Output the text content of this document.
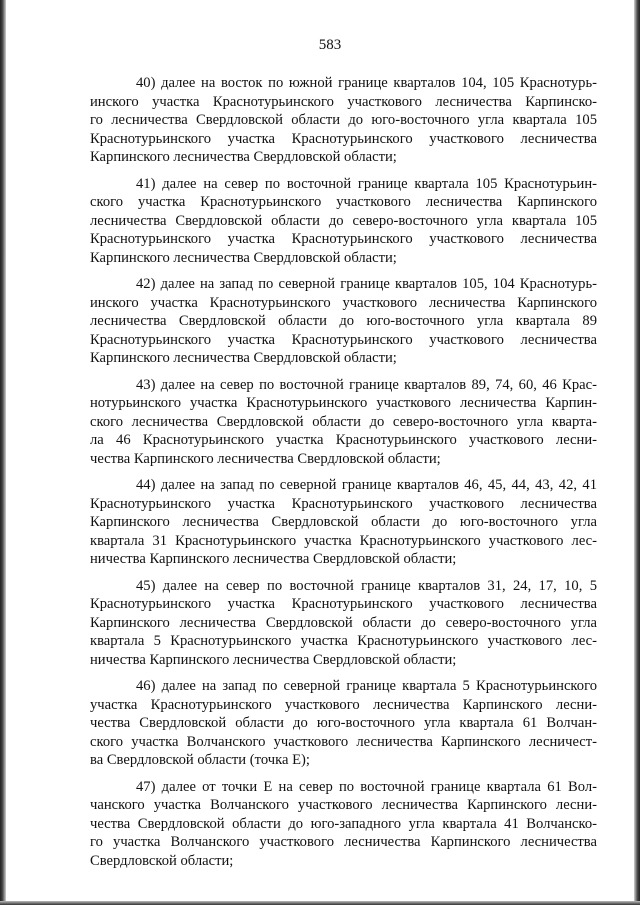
583
40) далее на восток по южной границе кварталов 104, 105 Краснотурь-
инского участка Краснотурьинского участкового лесничества Карпинско-
го лесничества Свердловской области до юго-восточного угла квартала 105
Краснотурьинского участка Краснотурьинского участкового лесничества
Карпинского лесничества Свердловской области;
41) далее на север по восточной границе квартала 105 Краснотурьин-
ского участка Краснотурьинского участкового лесничества Карпинского
лесничества Свердловской области до северо-восточного угла квартала 105
Краснотурьинского участка Краснотурьинского участкового лесничества
Карпинского лесничества Свердловской области;
42) далее на запад по северной границе кварталов 105, 104 Краснотурь-
инского участка Краснотурьинского участкового лесничества Карпинского
лесничества Свердловской области до юго-восточного угла квартала 89
Краснотурьинского участка Краснотурьинского участкового лесничества
Карпинского лесничества Свердловской области;
43) далее на север по восточной границе кварталов 89, 74, 60, 46 Крас-
нотурьинского участка Краснотурьинского участкового лесничества Карпин-
ского лесничества Свердловской области до северо-восточного угла кварта-
ла 46 Краснотурьинского участка Краснотурьинского участкового лесни-
чества Карпинского лесничества Свердловской области;
44) далее на запад по северной границе кварталов 46, 45, 44, 43, 42, 41
Краснотурьинского участка Краснотурьинского участкового лесничества
Карпинского лесничества Свердловской области до юго-восточного угла
квартала 31 Краснотурьинского участка Краснотурьинского участкового лес-
ничества Карпинского лесничества Свердловской области;
45) далее на север по восточной границе кварталов 31, 24, 17, 10, 5
Краснотурьинского участка Краснотурьинского участкового лесничества
Карпинского лесничества Свердловской области до северо-восточного угла
квартала 5 Краснотурьинского участка Краснотурьинского участкового лес-
ничества Карпинского лесничества Свердловской области;
46) далее на запад по северной границе квартала 5 Краснотурьинского
участка Краснотурьинского участкового лесничества Карпинского лесни-
чества Свердловской области до юго-восточного угла квартала 61 Волчан-
ского участка Волчанского участкового лесничества Карпинского лесничест-
ва Свердловской области (точка Е);
47) далее от точки Е на север по восточной границе квартала 61 Вол-
чанского участка Волчанского участкового лесничества Карпинского лесни-
чества Свердловской области до юго-западного угла квартала 41 Волчанско-
го участка Волчанского участкового лесничества Карпинского лесничества
Свердловской области;
